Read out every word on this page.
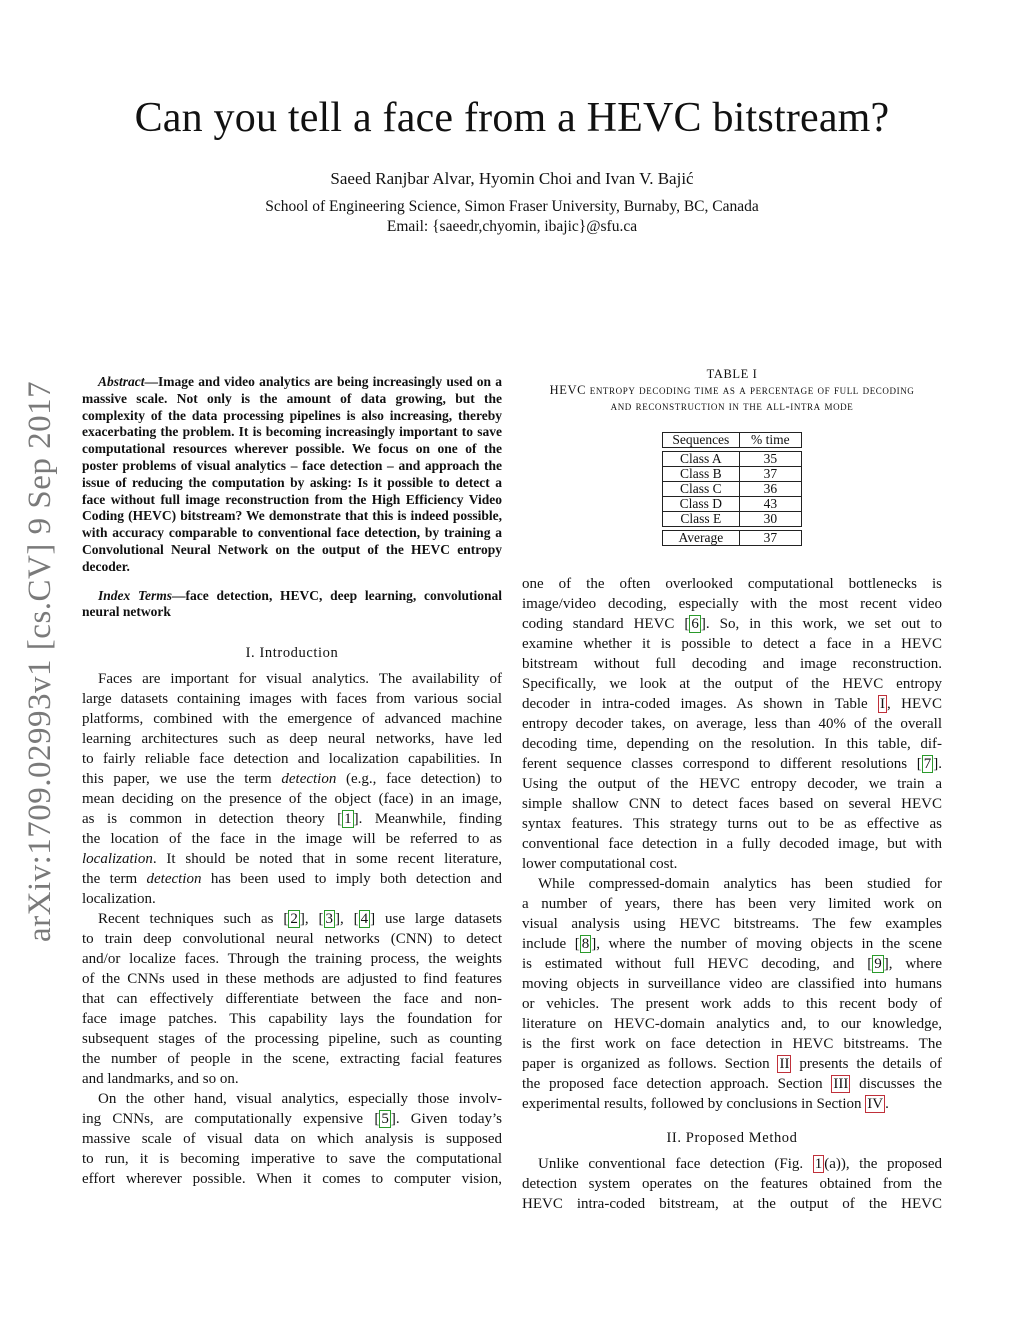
Can you tell a face from a HEVC bitstream?
Saeed Ranjbar Alvar, Hyomin Choi and Ivan V. Bajić
School of Engineering Science, Simon Fraser University, Burnaby, BC, Canada
Email: {saeedr,chyomin, ibajic}@sfu.ca
arXiv:1709.02993v1 [cs.CV] 9 Sep 2017	Abstract—Image and video analytics are being increasingly used on a massive scale. Not only is the amount of data growing, but the complexity of the data processing pipelines is also increasing, thereby exacerbating the problem. It is becoming increasingly important to save computational resources wherever possible. We focus on one of the poster problems of visual analytics – face detection – and approach the issue of reducing the computation by asking: Is it possible to detect a face without full image reconstruction from the High Efficiency Video Coding (HEVC) bitstream? We demonstrate that this is indeed possible, with accuracy comparable to conventional face detection, by training a Convolutional Neural Network on the output of the HEVC entropy decoder.

Index Terms—face detection, HEVC, deep learning, convolutional neural network

I. Introduction

Faces are important for visual analytics. The availability of
large datasets containing images with faces from various social
platforms, combined with the emergence of advanced machine
learning architectures such as deep neural networks, have led
to fairly reliable face detection and localization capabilities. In
this paper, we use the term detection (e.g., face detection) to
mean deciding on the presence of the object (face) in an image,
as is common in detection theory [ 1 ]. Meanwhile, finding
the location of the face in the image will be referred to as
localization. It should be noted that in some recent literature,
the term detection has been used to imply both detection and
localization.

Recent techniques such as [ 2 ], [ 3 ], [ 4 ] use large datasets
to train deep convolutional neural networks (CNN) to detect
and/or localize faces. Through the training process, the weights
of the CNNs used in these methods are adjusted to find features
that can effectively differentiate between the face and non-
face image patches. This capability lays the foundation for
subsequent stages of the processing pipeline, such as counting
the number of people in the scene, extracting facial features
and landmarks, and so on.

On the other hand, visual analytics, especially those involv-
ing CNNs, are computationally expensive [ 5 ]. Given today’s
massive scale of visual data on which analysis is supposed
to run, it is becoming imperative to save the computational
effort wherever possible. When it comes to computer vision,

TABLE I
HEVC entropy decoding time as a percentage of full decoding
and reconstruction in the all-intra mode
Sequences	% time

Class A	35
Class B	37
Class C	36
Class D	43
Class E	30

Average	37

one of the often overlooked computational bottlenecks is
image/video decoding, especially with the most recent video
coding standard HEVC [ 6 ]. So, in this work, we set out to
examine whether it is possible to detect a face in a HEVC
bitstream without full decoding and image reconstruction.
Specifically, we look at the output of the HEVC entropy
decoder in intra-coded images. As shown in Table I , HEVC
entropy decoder takes, on average, less than 40% of the overall
decoding time, depending on the resolution. In this table, dif-
ferent sequence classes correspond to different resolutions [ 7 ].
Using the output of the HEVC entropy decoder, we train a
simple shallow CNN to detect faces based on several HEVC
syntax features. This strategy turns out to be as effective as
conventional face detection in a fully decoded image, but with
lower computational cost.

While compressed-domain analytics has been studied for
a number of years, there has been very limited work on
visual analysis using HEVC bitstreams. The few examples
include [ 8 ], where the number of moving objects in the scene
is estimated without full HEVC decoding, and [ 9 ], where
moving objects in surveillance video are classified into humans
or vehicles. The present work adds to this recent body of
literature on HEVC-domain analytics and, to our knowledge,
is the first work on face detection in HEVC bitstreams. The
paper is organized as follows. Section II presents the details of
the proposed face detection approach. Section III discusses the
experimental results, followed by conclusions in Section IV .

II. Proposed Method

Unlike conventional face detection (Fig. 1 (a)), the proposed
detection system operates on the features obtained from the
HEVC intra-coded bitstream, at the output of the HEVC
